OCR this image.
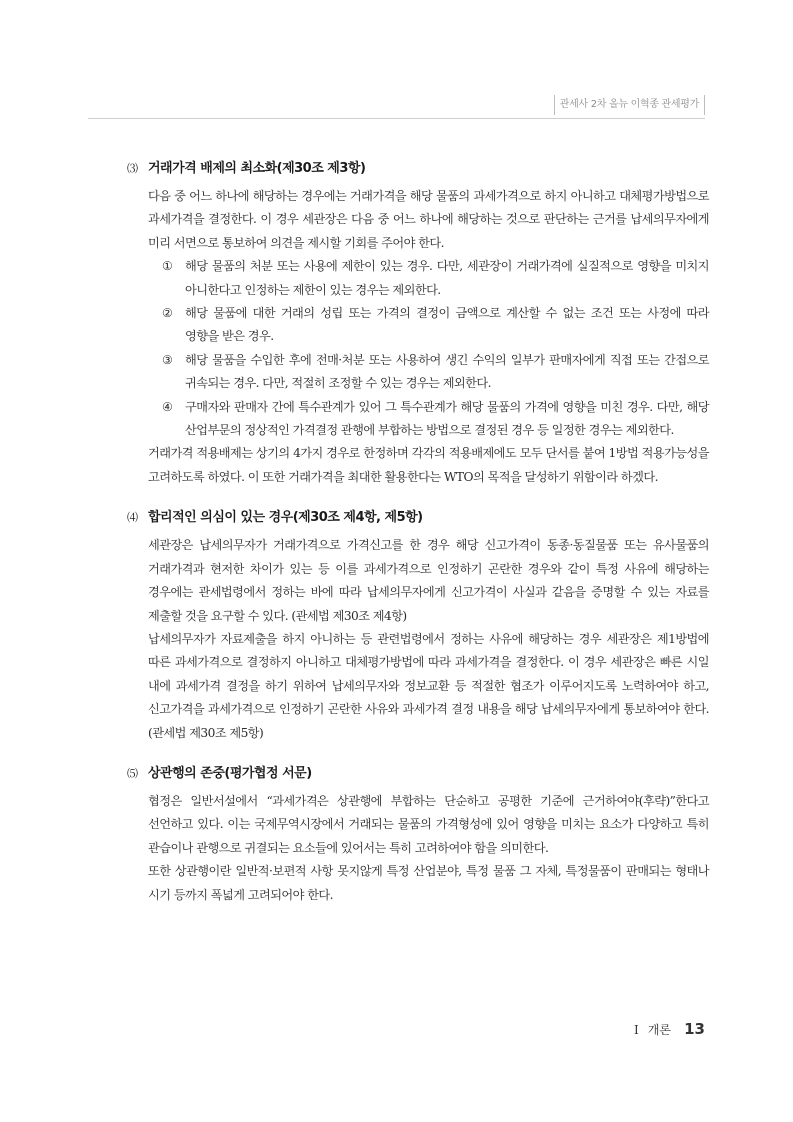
관세사 2차 올뉴 이혁종 관세평가
⑶ 거래가격 배제의 최소화(제30조 제3항)

다음 중 어느 하나에 해당하는 경우에는 거래가격을 해당 물품의 과세가격으로 하지 아니하고 대체평가방법으로 과세가격을 결정한다. 이 경우 세관장은 다음 중 어느 하나에 해당하는 것으로 판단하는 근거를 납세의무자에게 미리 서면으로 통보하여 의견을 제시할 기회를 주어야 한다.

① 해당 물품의 처분 또는 사용에 제한이 있는 경우. 다만, 세관장이 거래가격에 실질적으로 영향을 미치지 아니한다고 인정하는 제한이 있는 경우는 제외한다.
② 해당 물품에 대한 거래의 성립 또는 가격의 결정이 금액으로 계산할 수 없는 조건 또는 사정에 따라 영향을 받은 경우.
③ 해당 물품을 수입한 후에 전매·처분 또는 사용하여 생긴 수익의 일부가 판매자에게 직접 또는 간접으로 귀속되는 경우. 다만, 적절히 조정할 수 있는 경우는 제외한다.
④ 구매자와 판매자 간에 특수관계가 있어 그 특수관계가 해당 물품의 가격에 영향을 미친 경우. 다만, 해당 산업부문의 정상적인 가격결정 관행에 부합하는 방법으로 결정된 경우 등 일정한 경우는 제외한다.

거래가격 적용배제는 상기의 4가지 경우로 한정하며 각각의 적용배제에도 모두 단서를 붙여 1방법 적용가능성을 고려하도록 하였다. 이 또한 거래가격을 최대한 활용한다는 WTO의 목적을 달성하기 위함이라 하겠다.

⑷ 합리적인 의심이 있는 경우(제30조 제4항, 제5항)

세관장은 납세의무자가 거래가격으로 가격신고를 한 경우 해당 신고가격이 동종·동질물품 또는 유사물품의 거래가격과 현저한 차이가 있는 등 이를 과세가격으로 인정하기 곤란한 경우와 같이 특정 사유에 해당하는 경우에는 관세법령에서 정하는 바에 따라 납세의무자에게 신고가격이 사실과 같음을 증명할 수 있는 자료를 제출할 것을 요구할 수 있다. (관세법 제30조 제4항)

납세의무자가 자료제출을 하지 아니하는 등 관련법령에서 정하는 사유에 해당하는 경우 세관장은 제1방법에 따른 과세가격으로 결정하지 아니하고 대체평가방법에 따라 과세가격을 결정한다. 이 경우 세관장은 빠른 시일 내에 과세가격 결정을 하기 위하여 납세의무자와 정보교환 등 적절한 협조가 이루어지도록 노력하여야 하고, 신고가격을 과세가격으로 인정하기 곤란한 사유와 과세가격 결정 내용을 해당 납세의무자에게 통보하여야 한다. (관세법 제30조 제5항)

⑸ 상관행의 존중(평가협정 서문)

협정은 일반서설에서 “과세가격은 상관행에 부합하는 단순하고 공평한 기준에 근거하여야(후략)”한다고 선언하고 있다. 이는 국제무역시장에서 거래되는 물품의 가격형성에 있어 영향을 미치는 요소가 다양하고 특히 관습이나 관행으로 귀결되는 요소들에 있어서는 특히 고려하여야 함을 의미한다.

또한 상관행이란 일반적·보편적 사항 못지않게 특정 산업분야, 특정 물품 그 자체, 특정물품이 판매되는 형태나 시기 등까지 폭넓게 고려되어야 한다.

I 개론 13
